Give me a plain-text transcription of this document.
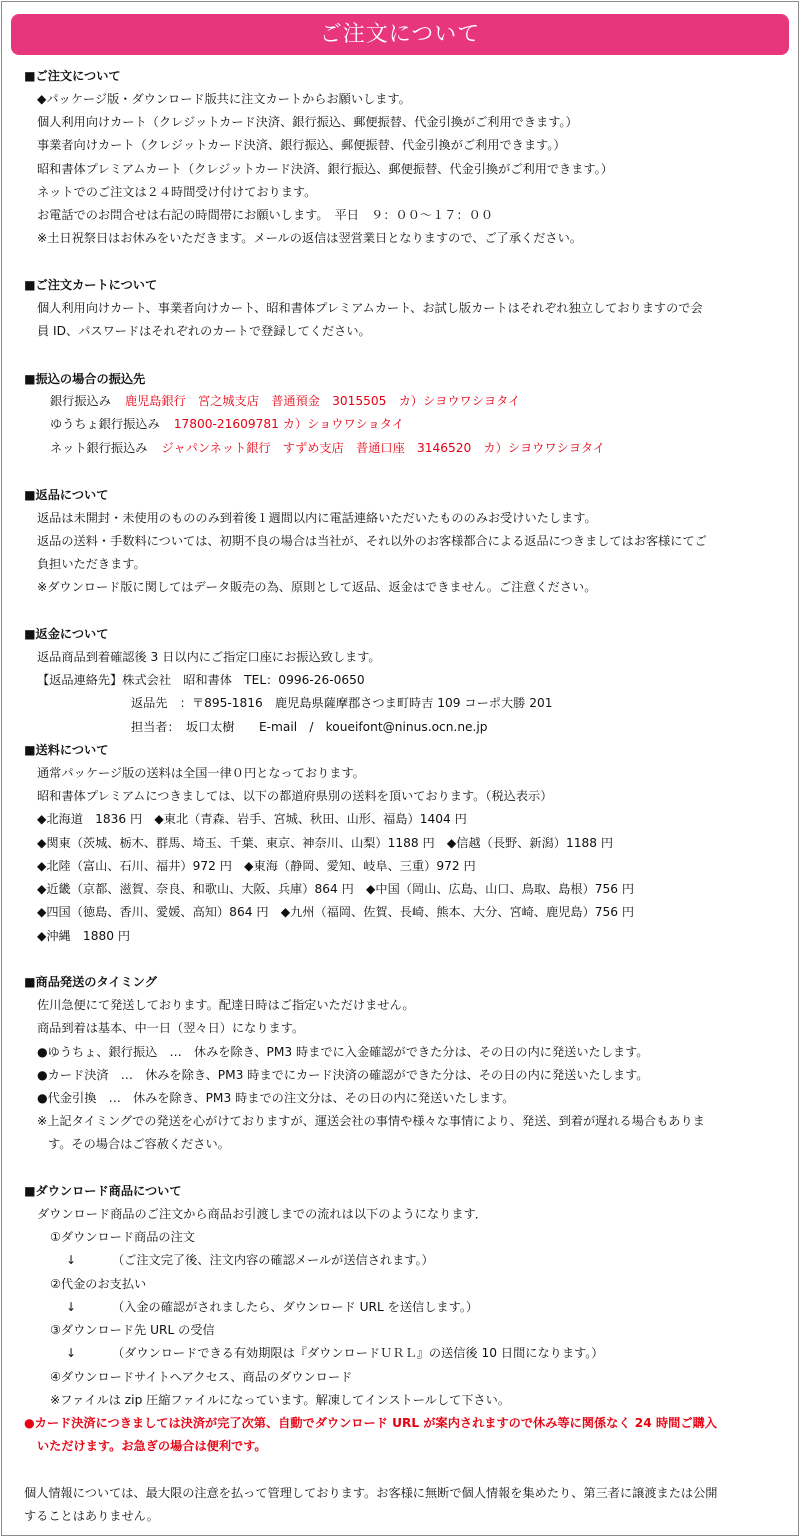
ご注文について
■ご注文について
◆パッケージ版・ダウンロード版共に注文カートからお願いします。
個人利用向けカート（クレジットカード決済、銀行振込、郵便振替、代金引換がご利用できます。）
事業者向けカート（クレジットカード決済、銀行振込、郵便振替、代金引換がご利用できます。）
昭和書体プレミアムカート（クレジットカード決済、銀行振込、郵便振替、代金引換がご利用できます。）
ネットでのご注文は２４時間受け付けております。
お電話でのお問合せは右記の時間帯にお願いします。　平日　９：００〜１７：００
※土日祝祭日はお休みをいただきます。メールの返信は翌営業日となりますので、ご了承ください。
■ご注文カートについて
個人利用向けカート、事業者向けカート、昭和書体プレミアムカート、お試し版カートはそれぞれ独立しておりますので会
員 ID、パスワードはそれぞれのカートで登録してください。
■振込の場合の振込先
銀行振込み 鹿児島銀行　宮之城支店　普通預金　3015505　カ）シヨウワシヨタイ
ゆうちょ銀行振込み 17800-21609781 カ）ショウワショタイ
ネット銀行振込み ジャパンネット銀行　すずめ支店　普通口座　3146520　カ）シヨウワシヨタイ
■返品について
返品は未開封・未使用のもののみ到着後１週間以内に電話連絡いただいたもののみお受けいたします。
返品の送料・手数料については、初期不良の場合は当社が、それ以外のお客様都合による返品につきましてはお客様にてご
負担いただきます。
※ダウンロード版に関してはデータ販売の為、原則として返品、返金はできません。ご注意ください。
■返金について
返品商品到着確認後 3 日以内にご指定口座にお振込致します。
【返品連絡先】株式会社　昭和書体　TEL：0996-26-0650
返品先　：〒895-1816　鹿児島県薩摩郡さつま町時吉 109 コーポ大勝 201
担当者：　坂口太樹　　E-mail　/　koueifont@ninus.ocn.ne.jp
■送料について
通常パッケージ版の送料は全国一律０円となっております。
昭和書体プレミアムにつきましては、以下の都道府県別の送料を頂いております。（税込表示）
◆北海道　1836 円　◆東北（青森、岩手、宮城、秋田、山形、福島）1404 円
◆関東（茨城、栃木、群馬、埼玉、千葉、東京、神奈川、山梨）1188 円　◆信越（長野、新潟）1188 円
◆北陸（富山、石川、福井）972 円　◆東海（静岡、愛知、岐阜、三重）972 円
◆近畿（京都、滋賀、奈良、和歌山、大阪、兵庫）864 円　◆中国（岡山、広島、山口、鳥取、島根）756 円
◆四国（徳島、香川、愛媛、高知）864 円　◆九州（福岡、佐賀、長崎、熊本、大分、宮崎、鹿児島）756 円
◆沖縄　1880 円
■商品発送のタイミング
佐川急便にて発送しております。配達日時はご指定いただけません。
商品到着は基本、中一日（翌々日）になります。
●ゆうちょ、銀行振込　…　休みを除き、PM3 時までに入金確認ができた分は、その日の内に発送いたします。
●カード決済　…　休みを除き、PM3 時までにカード決済の確認ができた分は、その日の内に発送いたします。
●代金引換　…　休みを除き、PM3 時までの注文分は、その日の内に発送いたします。
※上記タイミングでの発送を心がけておりますが、運送会社の事情や様々な事情により、発送、到着が遅れる場合もありま
す。その場合はご容赦ください。
■ダウンロード商品について
ダウンロード商品のご注文から商品お引渡しまでの流れは以下のようになります．
①ダウンロード商品の注文
↓	（ご注文完了後、注文内容の確認メールが送信されます。）
②代金のお支払い
↓	（入金の確認がされましたら、ダウンロード URL を送信します。）
③ダウンロード先 URL の受信
↓	（ダウンロードできる有効期限は『ダウンロードＵＲＬ』の送信後 10 日間になります。）
④ダウンロードサイトへアクセス、商品のダウンロード
※ファイルは zip 圧縮ファイルになっています。解凍してインストールして下さい。
●カード決済につきましては決済が完了次第、自動でダウンロード URL が案内されますので休み等に関係なく 24 時間ご購入
いただけます。お急ぎの場合は便利です。
個人情報については、最大限の注意を払って管理しております。お客様に無断で個人情報を集めたり、第三者に譲渡または公開
することはありません。
